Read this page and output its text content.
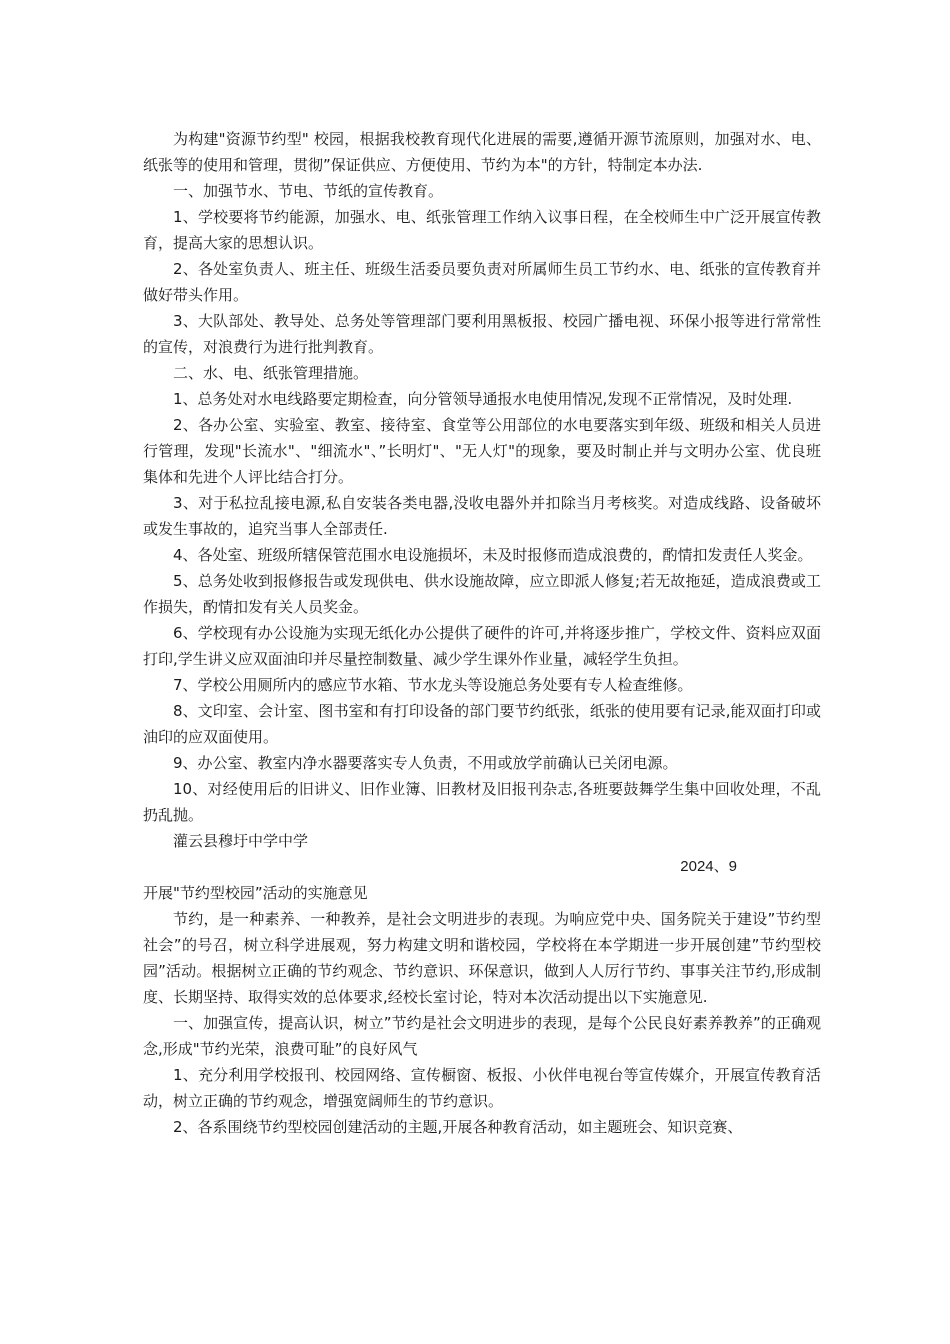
为构建"资源节约型" 校园，根据我校教育现代化进展的需要,遵循开源节流原则，加强对水、电、纸张等的使用和管理，贯彻”保证供应、方便使用、节约为本"的方针，特制定本办法.

一、加强节水、节电、节纸的宣传教育。

1、学校要将节约能源，加强水、电、纸张管理工作纳入议事日程，在全校师生中广泛开展宣传教育，提高大家的思想认识。

2、各处室负责人、班主任、班级生活委员要负责对所属师生员工节约水、电、纸张的宣传教育并做好带头作用。

3、大队部处、教导处、总务处等管理部门要利用黑板报、校园广播电视、环保小报等进行常常性的宣传，对浪费行为进行批判教育。

二、水、电、纸张管理措施。

1、总务处对水电线路要定期检查，向分管领导通报水电使用情况,发现不正常情况，及时处理.

2、各办公室、实验室、教室、接待室、食堂等公用部位的水电要落实到年级、班级和相关人员进行管理，发现"长流水"、"细流水"、”长明灯"、"无人灯"的现象，要及时制止并与文明办公室、优良班集体和先进个人评比结合打分。

3、对于私拉乱接电源,私自安装各类电器,没收电器外并扣除当月考核奖。对造成线路、设备破坏或发生事故的，追究当事人全部责任.

4、各处室、班级所辖保管范围水电设施损坏，未及时报修而造成浪费的，酌情扣发责任人奖金。

5、总务处收到报修报告或发现供电、供水设施故障，应立即派人修复;若无故拖延，造成浪费或工作损失，酌情扣发有关人员奖金。

6、学校现有办公设施为实现无纸化办公提供了硬件的许可,并将逐步推广，学校文件、资料应双面打印,学生讲义应双面油印并尽量控制数量、减少学生课外作业量，减轻学生负担。

7、学校公用厕所内的感应节水箱、节水龙头等设施总务处要有专人检查维修。

8、文印室、会计室、图书室和有打印设备的部门要节约纸张，纸张的使用要有记录,能双面打印或油印的应双面使用。

9、办公室、教室内净水器要落实专人负责，不用或放学前确认已关闭电源。

10、对经使用后的旧讲义、旧作业簿、旧教材及旧报刊杂志,各班要鼓舞学生集中回收处理，不乱扔乱抛。

灌云县穆圩中学中学

2024、9

开展"节约型校园”活动的实施意见

节约，是一种素养、一种教养，是社会文明进步的表现。为响应党中央、国务院关于建设”节约型社会”的号召，树立科学进展观，努力构建文明和谐校园，学校将在本学期进一步开展创建”节约型校园”活动。根据树立正确的节约观念、节约意识、环保意识，做到人人厉行节约、事事关注节约,形成制度、长期坚持、取得实效的总体要求,经校长室讨论，特对本次活动提出以下实施意见.

一、加强宣传，提高认识，树立”节约是社会文明进步的表现，是每个公民良好素养教养”的正确观念,形成"节约光荣，浪费可耻”的良好风气

1、充分利用学校报刊、校园网络、宣传橱窗、板报、小伙伴电视台等宣传媒介，开展宣传教育活动，树立正确的节约观念，增强宽阔师生的节约意识。

2、各系围绕节约型校园创建活动的主题,开展各种教育活动，如主题班会、知识竞赛、
